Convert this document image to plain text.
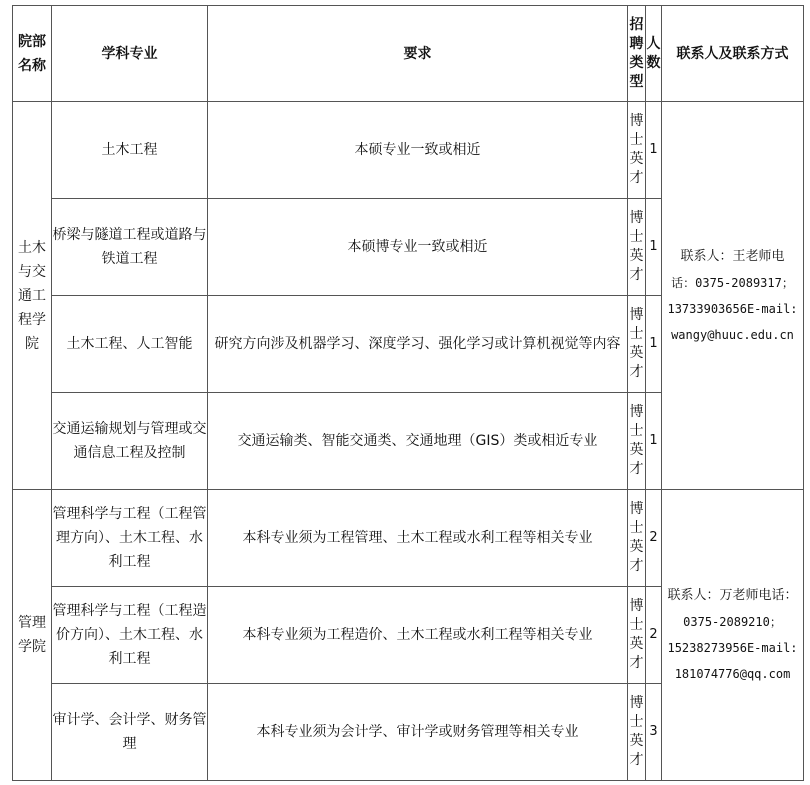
院部名称	学科专业	要求	招聘类型	人数	联系人及联系方式
土木与交通工程学院	土木工程	本硕专业一致或相近	博士英才	1	联系人：王老师电
话：0375-2089317；
13733903656E-mail:
wangy@huuc.edu.cn

	桥梁与隧道工程或道路与铁道工程	本硕博专业一致或相近	博士英才	1	
	土木工程、人工智能	研究方向涉及机器学习、深度学习、强化学习或计算机视觉等内容	博士英才	1	
	交通运输规划与管理或交通信息工程及控制	交通运输类、智能交通类、交通地理（GIS）类或相近专业	博士英才	1	
管理学院	管理科学与工程（工程管理方向）、土木工程、水利工程	本科专业须为工程管理、土木工程或水利工程等相关专业	博士英才	2	联系人：万老师电话：
0375-2089210；
15238273956E-mail:
181074776@qq.com

	管理科学与工程（工程造价方向）、土木工程、水利工程	本科专业须为工程造价、土木工程或水利工程等相关专业	博士英才	2	
	审计学、会计学、财务管理	本科专业须为会计学、审计学或财务管理等相关专业	博士英才	3	
